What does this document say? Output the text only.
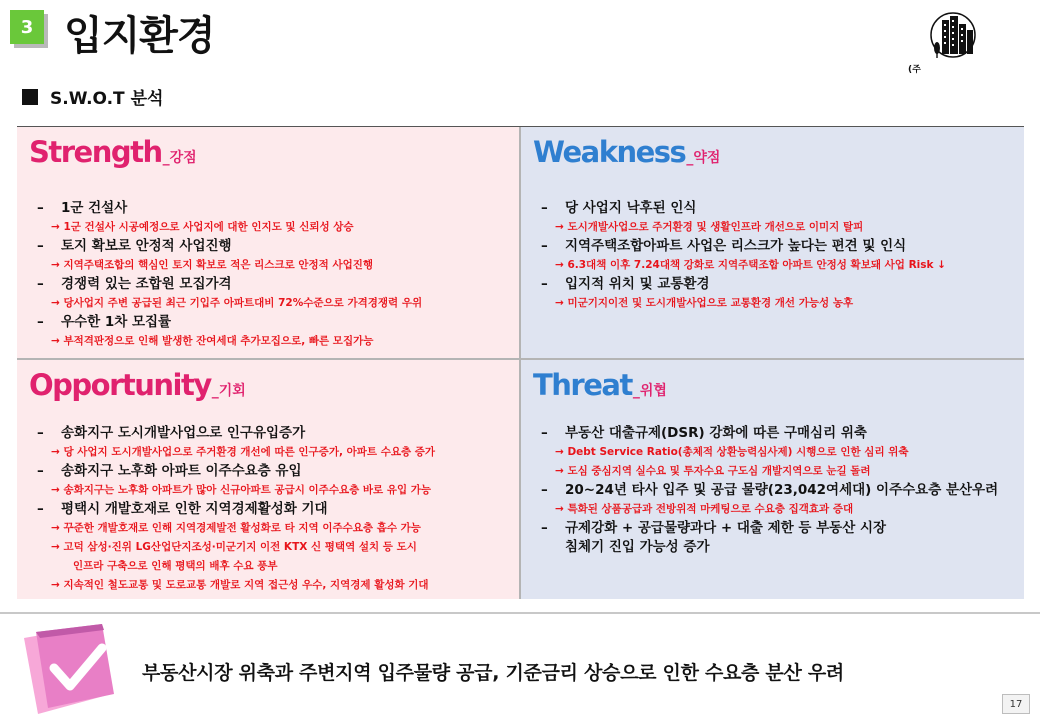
3 입지환경
(주
S.W.O.T 분석
Strength _강점
– 1군 건설사
→ 1군 건설사 시공예정으로 사업지에 대한 인지도 및 신뢰성 상승
– 토지 확보로 안정적 사업진행
→ 지역주택조합의 핵심인 토지 확보로 적은 리스크로 안정적 사업진행
– 경쟁력 있는 조합원 모집가격
→ 당사업지 주변 공급된 최근 기입주 아파트대비 72%수준으로 가격경쟁력 우위
– 우수한 1차 모집률
→ 부적격판정으로 인해 발생한 잔여세대 추가모집으로, 빠른 모집가능
Weakness _약점
– 당 사업지 낙후된 인식
→ 도시개발사업으로 주거환경 및 생활인프라 개선으로 이미지 탈피
– 지역주택조합아파트 사업은 리스크가 높다는 편견 및 인식
→ 6.3대책 이후 7.24대책 강화로 지역주택조합 아파트 안정성 확보돼 사업 Risk ↓
– 입지적 위치 및 교통환경
→ 미군기지이전 및 도시개발사업으로 교통환경 개선 가능성 농후
Opportunity _기회
– 송화지구 도시개발사업으로 인구유입증가
→ 당 사업지 도시개발사업으로 주거환경 개선에 따른 인구증가, 아파트 수요층 증가
– 송화지구 노후화 아파트 이주수요층 유입
→ 송화지구는 노후화 아파트가 많아 신규아파트 공급시 이주수요층 바로 유입 가능
– 평택시 개발호재로 인한 지역경제활성화 기대
→ 꾸준한 개발호재로 인해 지역경제발전 활성화로 타 지역 이주수요층 흡수 가능
→ 고덕 삼성·진위 LG산업단지조성·미군기지 이전 KTX 신 평택역 설치 등 도시
인프라 구축으로 인해 평택의 배후 수요 풍부
→ 지속적인 철도교통 및 도로교통 개발로 지역 접근성 우수, 지역경제 활성화 기대
Threat _위협
– 부동산 대출규제(DSR) 강화에 따른 구매심리 위축
→ Debt Service Ratio(총체적 상환능력심사제) 시행으로 인한 심리 위축
→ 도심 중심지역 실수요 및 투자수요 구도심 개발지역으로 눈길 돌려
– 20~24년 타사 입주 및 공급 물량(23,042여세대) 이주수요층 분산우려
→ 특화된 상품공급과 전방위적 마케팅으로 수요층 집객효과 증대
– 규제강화 + 공급물량과다 + 대출 제한 등 부동산 시장
침체기 진입 가능성 증가
부동산시장 위축과 주변지역 입주물량 공급, 기준금리 상승으로 인한 수요층 분산 우려
17
